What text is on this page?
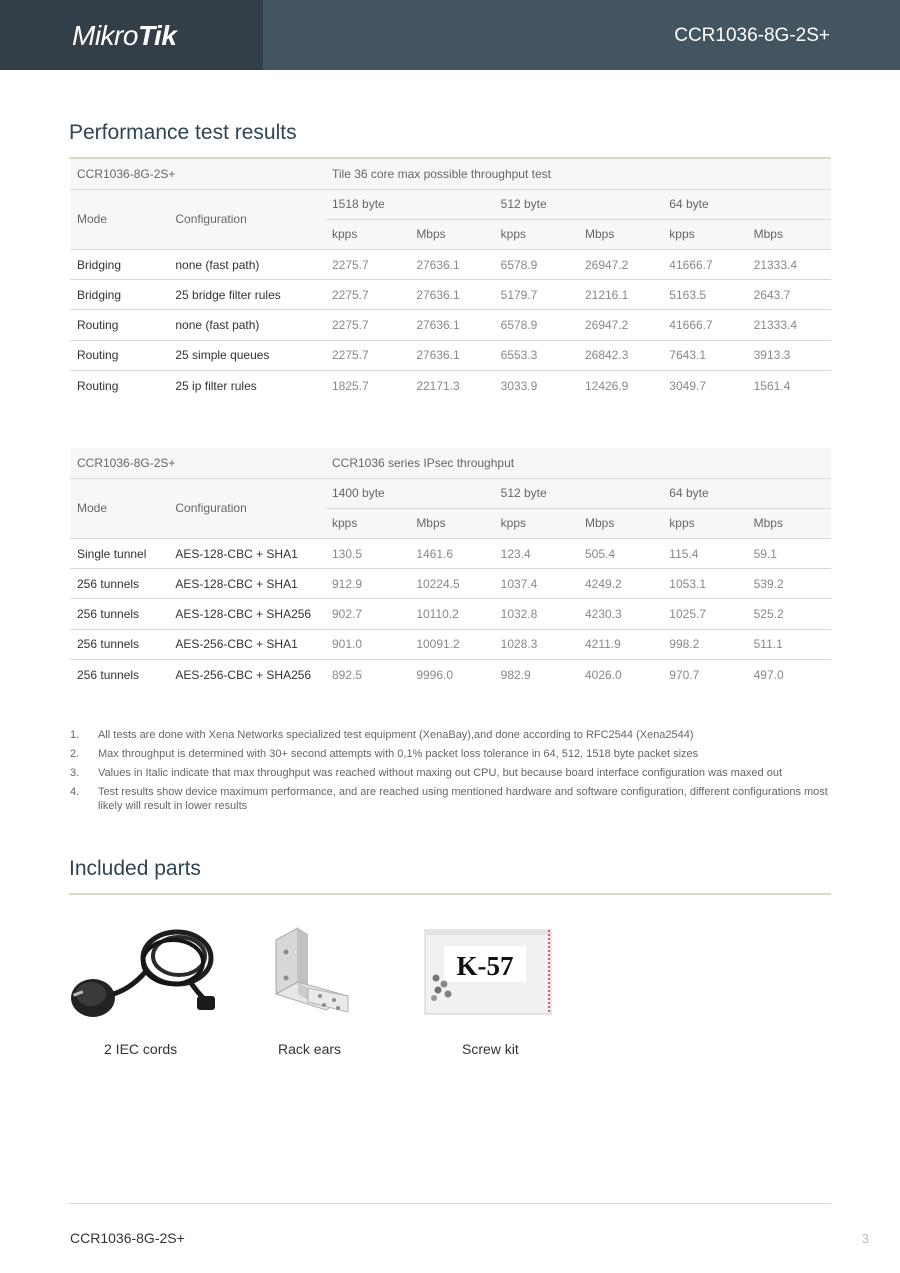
MikroTik	CCR1036-8G-2S+
Performance test results
CCR1036-8G-2S+		Tile 36 core max possible throughput test					
Mode	Configuration	1518 byte		512 byte		64 byte	
		kpps	Mbps	kpps	Mbps	kpps	Mbps
Bridging	none (fast path)	2275.7	27636.1	6578.9	26947.2	41666.7	21333.4
Bridging	25 bridge filter rules	2275.7	27636.1	5179.7	21216.1	5163.5	2643.7
Routing	none (fast path)	2275.7	27636.1	6578.9	26947.2	41666.7	21333.4
Routing	25 simple queues	2275.7	27636.1	6553.3	26842.3	7643.1	3913.3
Routing	25 ip filter rules	1825.7	22171.3	3033.9	12426.9	3049.7	1561.4
CCR1036-8G-2S+		CCR1036 series IPsec throughput					
Mode	Configuration	1400 byte		512 byte		64 byte	
		kpps	Mbps	kpps	Mbps	kpps	Mbps
Single tunnel	AES-128-CBC + SHA1	130.5	1461.6	123.4	505.4	115.4	59.1
256 tunnels	AES-128-CBC + SHA1	912.9	10224.5	1037.4	4249.2	1053.1	539.2
256 tunnels	AES-128-CBC + SHA256	902.7	10110.2	1032.8	4230.3	1025.7	525.2
256 tunnels	AES-256-CBC + SHA1	901.0	10091.2	1028.3	4211.9	998.2	511.1
256 tunnels	AES-256-CBC + SHA256	892.5	9996.0	982.9	4026.0	970.7	497.0
1. All tests are done with Xena Networks specialized test equipment (XenaBay),and done according to RFC2544 (Xena2544)
2. Max throughput is determined with 30+ second attempts with 0,1% packet loss tolerance in 64, 512, 1518 byte packet sizes
3. Values in Italic indicate that max throughput was reached without maxing out CPU, but because board interface configuration was maxed out
4. Test results show device maximum performance, and are reached using mentioned hardware and software configuration, different configurations most likely will result in lower results
Included parts
2 IEC cords	Rack ears
K-57
Screw kit
CCR1036-8G-2S+	3
